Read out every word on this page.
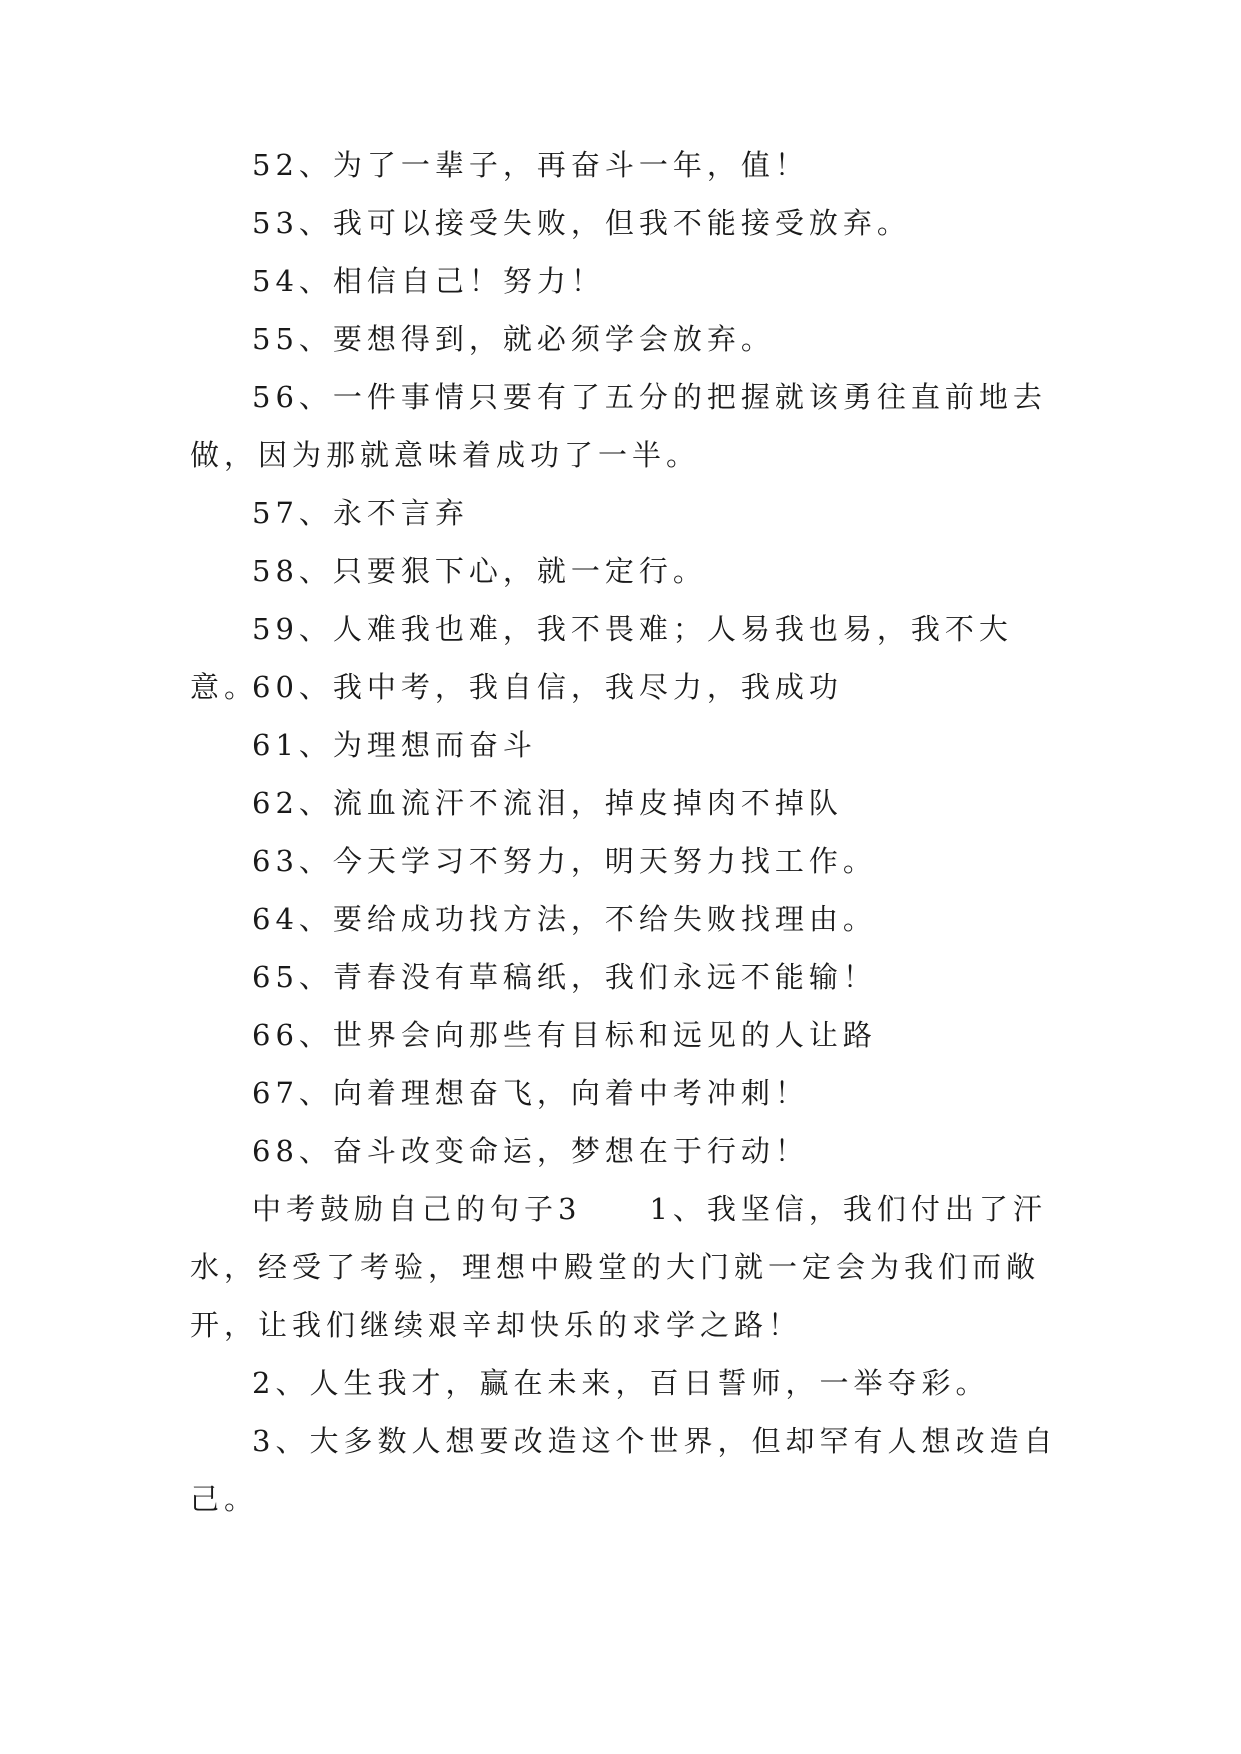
52、为了一辈子，再奋斗一年，值！

53、我可以接受失败，但我不能接受放弃。

54、相信自己！努力！

55、要想得到，就必须学会放弃。

56、一件事情只要有了五分的把握就该勇往直前地去做，因为那就意味着成功了一半。

57、永不言弃

58、只要狠下心，就一定行。

59、人难我也难，我不畏难；人易我也易，我不大意。

60、我中考，我自信，我尽力，我成功

61、为理想而奋斗

62、流血流汗不流泪，掉皮掉肉不掉队

63、今天学习不努力，明天努力找工作。

64、要给成功找方法，不给失败找理由。

65、青春没有草稿纸，我们永远不能输！

66、世界会向那些有目标和远见的人让路

67、向着理想奋飞，向着中考冲刺！

68、奋斗改变命运，梦想在于行动！

中考鼓励自己的句子3　　1、我坚信，我们付出了汗水，经受了考验，理想中殿堂的大门就一定会为我们而敞开，让我们继续艰辛却快乐的求学之路！

2、人生我才，赢在未来，百日誓师，一举夺彩。

3、大多数人想要改造这个世界，但却罕有人想改造自己。
